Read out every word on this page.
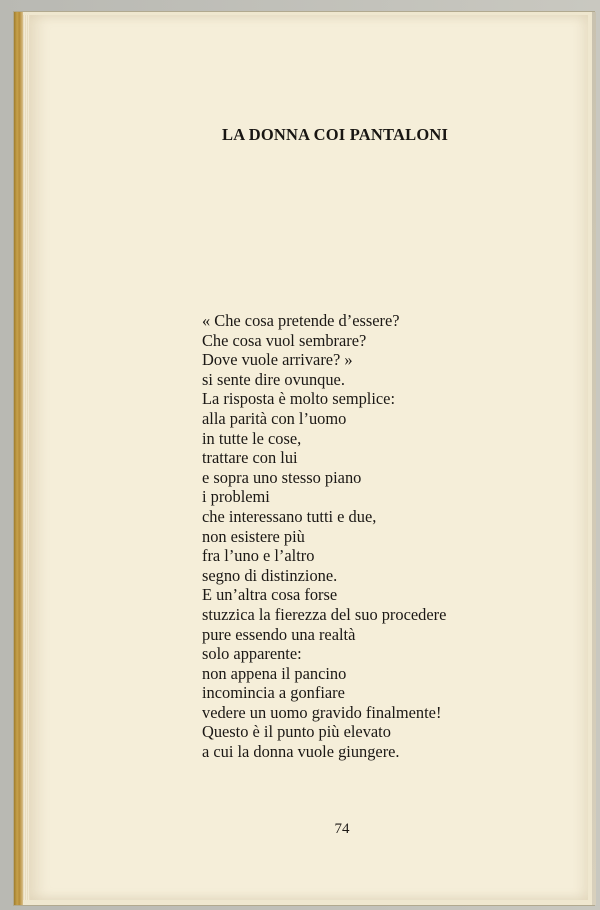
LA DONNA COI PANTALONI
« Che cosa pretende d’essere?
Che cosa vuol sembrare?
Dove vuole arrivare? »
si sente dire ovunque.
La risposta è molto semplice:
alla parità con l’uomo
in tutte le cose,
trattare con lui
e sopra uno stesso piano
i problemi
che interessano tutti e due,
non esistere più
fra l’uno e l’altro
segno di distinzione.
E un’altra cosa forse
stuzzica la fierezza del suo procedere
pure essendo una realtà
solo apparente:
non appena il pancino
incomincia a gonfiare
vedere un uomo gravido finalmente!
Questo è il punto più elevato
a cui la donna vuole giungere.
74
